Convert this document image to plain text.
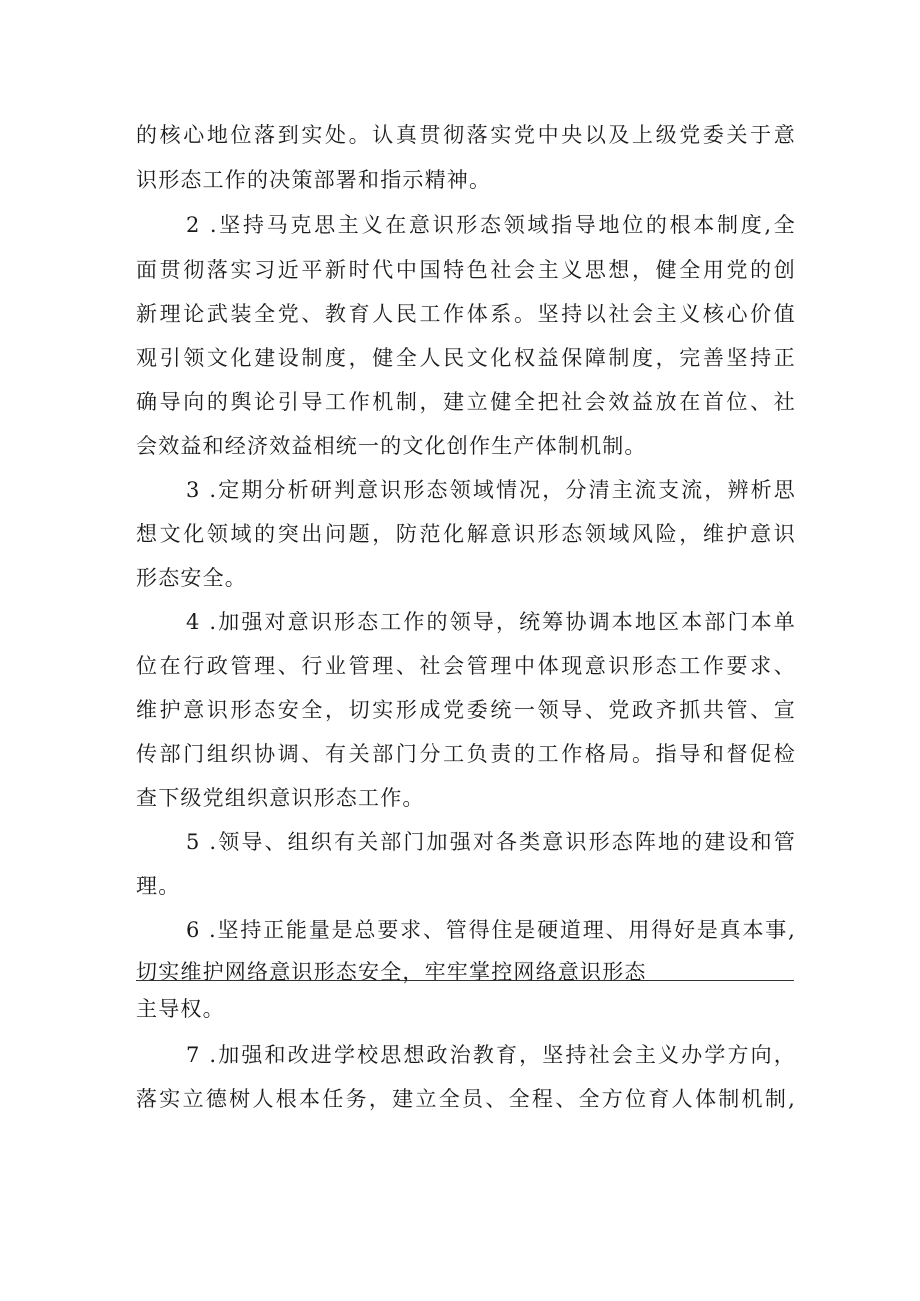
的核心地位落到实处。认真贯彻落实党中央以及上级党委关于意
识形态工作的决策部署和指示精神。
2 .坚持马克思主义在意识形态领域指导地位的根本制度,全
面贯彻落实习近平新时代中国特色社会主义思想，健全用党的创
新理论武装全党、教育人民工作体系。坚持以社会主义核心价值
观引领文化建设制度，健全人民文化权益保障制度，完善坚持正
确导向的舆论引导工作机制，建立健全把社会效益放在首位、社
会效益和经济效益相统一的文化创作生产体制机制。
3 .定期分析研判意识形态领域情况，分清主流支流，辨析思
想文化领域的突出问题，防范化解意识形态领域风险，维护意识
形态安全。
4 .加强对意识形态工作的领导，统筹协调本地区本部门本单
位在行政管理、行业管理、社会管理中体现意识形态工作要求、
维护意识形态安全，切实形成党委统一领导、党政齐抓共管、宣
传部门组织协调、有关部门分工负责的工作格局。指导和督促检
查下级党组织意识形态工作。
5 .领导、组织有关部门加强对各类意识形态阵地的建设和管
理。
6 .坚持正能量是总要求、管得住是硬道理、用得好是真本事,
切实维护网络意识形态安全，牢牢掌控网络意识形态
主导权。
7 .加强和改进学校思想政治教育，坚持社会主义办学方向，
落实立德树人根本任务，建立全员、全程、全方位育人体制机制,
